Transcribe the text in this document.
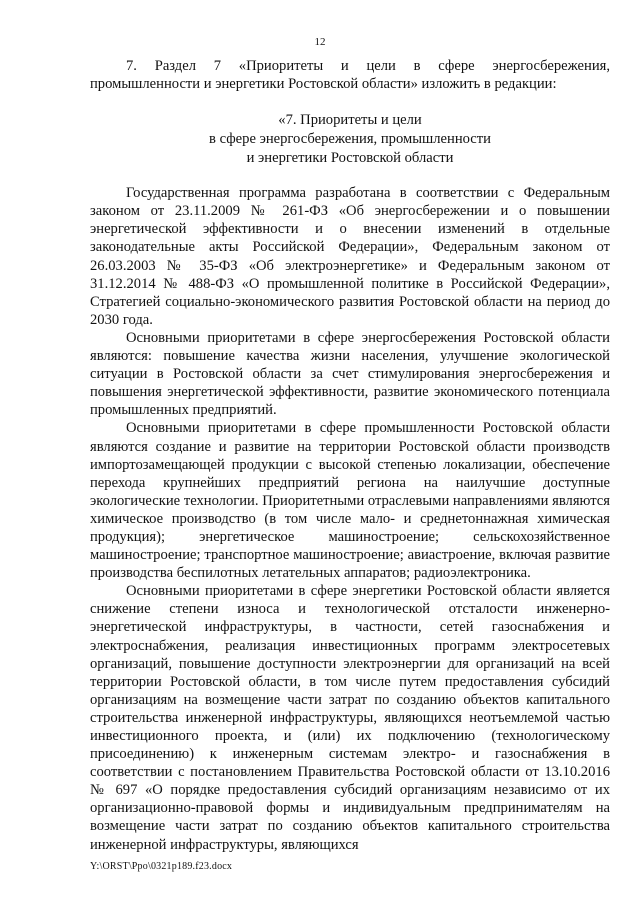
12

7. Раздел 7 «Приоритеты и цели в сфере энергосбережения, промышленности и энергетики Ростовской области» изложить в редакции:

«7. Приоритеты и цели
в сфере энергосбережения, промышленности
и энергетики Ростовской области

Государственная программа разработана в соответствии с Федеральным законом от 23.11.2009 № 261-ФЗ «Об энергосбережении и о повышении энергетической эффективности и о внесении изменений в отдельные законодательные акты Российской Федерации», Федеральным законом от 26.03.2003 № 35-ФЗ «Об электроэнергетике» и Федеральным законом от 31.12.2014 № 488-ФЗ «О промышленной политике в Российской Федерации», Стратегией социально-экономического развития Ростовской области на период до 2030 года.

Основными приоритетами в сфере энергосбережения Ростовской области являются: повышение качества жизни населения, улучшение экологической ситуации в Ростовской области за счет стимулирования энергосбережения и повышения энергетической эффективности, развитие экономического потенциала промышленных предприятий.

Основными приоритетами в сфере промышленности Ростовской области являются создание и развитие на территории Ростовской области производств импортозамещающей продукции с высокой степенью локализации, обеспечение перехода крупнейших предприятий региона на наилучшие доступные экологические технологии. Приоритетными отраслевыми направлениями являются химическое производство (в том числе мало- и среднетоннажная химическая продукция); энергетическое машиностроение; сельскохозяйственное машиностроение; транспортное машиностроение; авиастроение, включая развитие производства беспилотных летательных аппаратов; радиоэлектроника.

Основными приоритетами в сфере энергетики Ростовской области является снижение степени износа и технологической отсталости инженерно-энергетической инфраструктуры, в частности, сетей газоснабжения и электроснабжения, реализация инвестиционных программ электросетевых организаций, повышение доступности электроэнергии для организаций на всей территории Ростовской области, в том числе путем предоставления субсидий организациям на возмещение части затрат по созданию объектов капитального строительства инженерной инфраструктуры, являющихся неотъемлемой частью инвестиционного проекта, и (или) их подключению (технологическому присоединению) к инженерным системам электро- и газоснабжения в соответствии с постановлением Правительства Ростовской области от 13.10.2016 № 697 «О порядке предоставления субсидий организациям независимо от их организационно-правовой формы и индивидуальным предпринимателям на возмещение части затрат по созданию объектов капитального строительства инженерной инфраструктуры, являющихся

Y:\ORST\Ppo\0321p189.f23.docx
